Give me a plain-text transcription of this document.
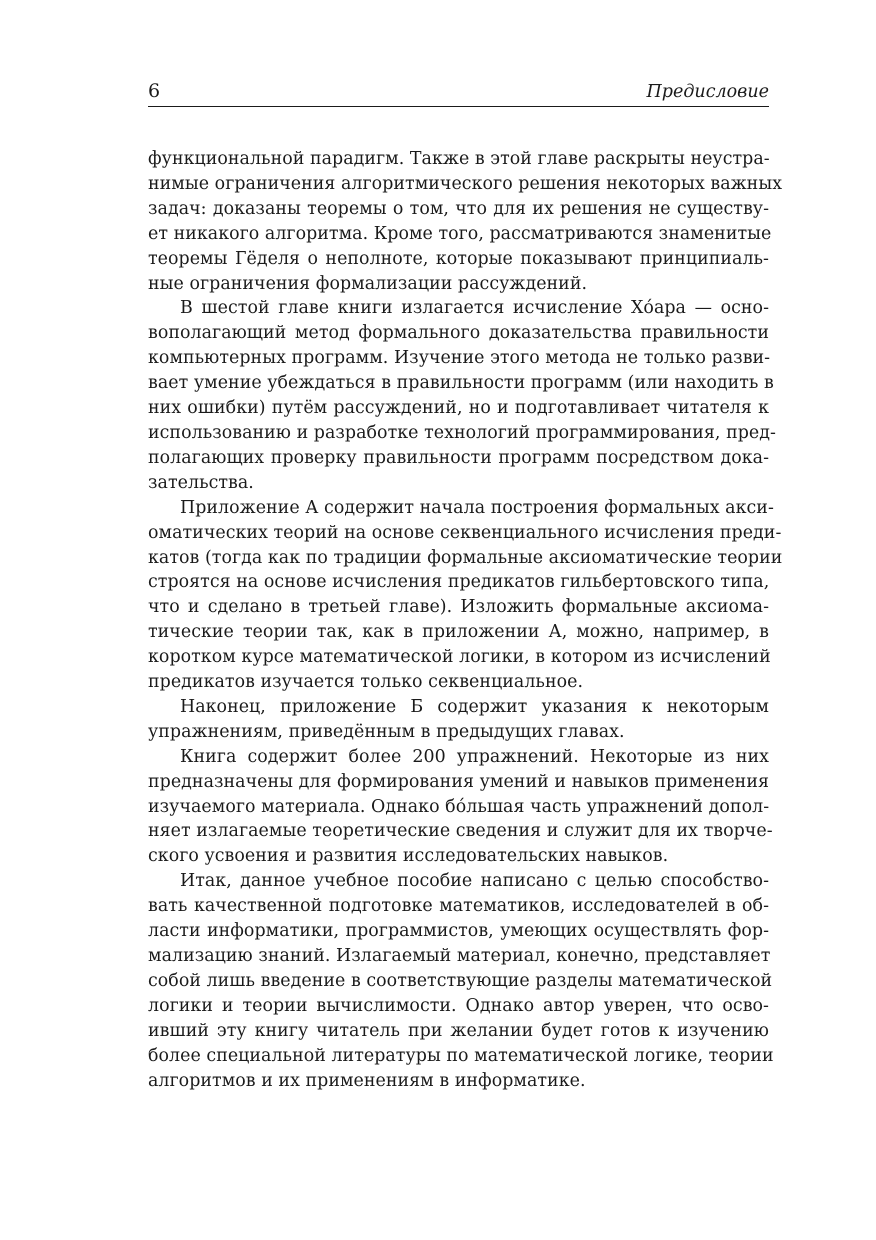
6	Предисловие

функциональной парадигм. Также в этой главе раскрыты неустра-
нимые ограничения алгоритмического решения некоторых важных
задач: доказаны теоремы о том, что для их решения не существу-
ет никакого алгоритма. Кроме того, рассматриваются знаменитые
теоремы Гёделя о неполноте, которые показывают принципиаль-
ные ограничения формализации рассуждений.

В шестой главе книги излагается исчисление Хóара — осно-
вополагающий метод формального доказательства правильности
компьютерных программ. Изучение этого метода не только разви-
вает умение убеждаться в правильности программ (или находить в
них ошибки) путём рассуждений, но и подготавливает читателя к
использованию и разработке технологий программирования, пред-
полагающих проверку правильности программ посредством дока-
зательства.

Приложение А содержит начала построения формальных акси-
оматических теорий на основе секвенциального исчисления преди-
катов (тогда как по традиции формальные аксиоматические теории
строятся на основе исчисления предикатов гильбертовского типа,
что и сделано в третьей главе). Изложить формальные аксиома-
тические теории так, как в приложении А, можно, например, в
коротком курсе математической логики, в котором из исчислений
предикатов изучается только секвенциальное.

Наконец, приложение Б содержит указания к некоторым
упражнениям, приведённым в предыдущих главах.

Книга содержит более 200 упражнений. Некоторые из них
предназначены для формирования умений и навыков применения
изучаемого материала. Однако бóльшая часть упражнений допол-
няет излагаемые теоретические сведения и служит для их творче-
ского усвоения и развития исследовательских навыков.

Итак, данное учебное пособие написано с целью способство-
вать качественной подготовке математиков, исследователей в об-
ласти информатики, программистов, умеющих осуществлять фор-
мализацию знаний. Излагаемый материал, конечно, представляет
собой лишь введение в соответствующие разделы математической
логики и теории вычислимости. Однако автор уверен, что осво-
ивший эту книгу читатель при желании будет готов к изучению
более специальной литературы по математической логике, теории
алгоритмов и их применениям в информатике.
